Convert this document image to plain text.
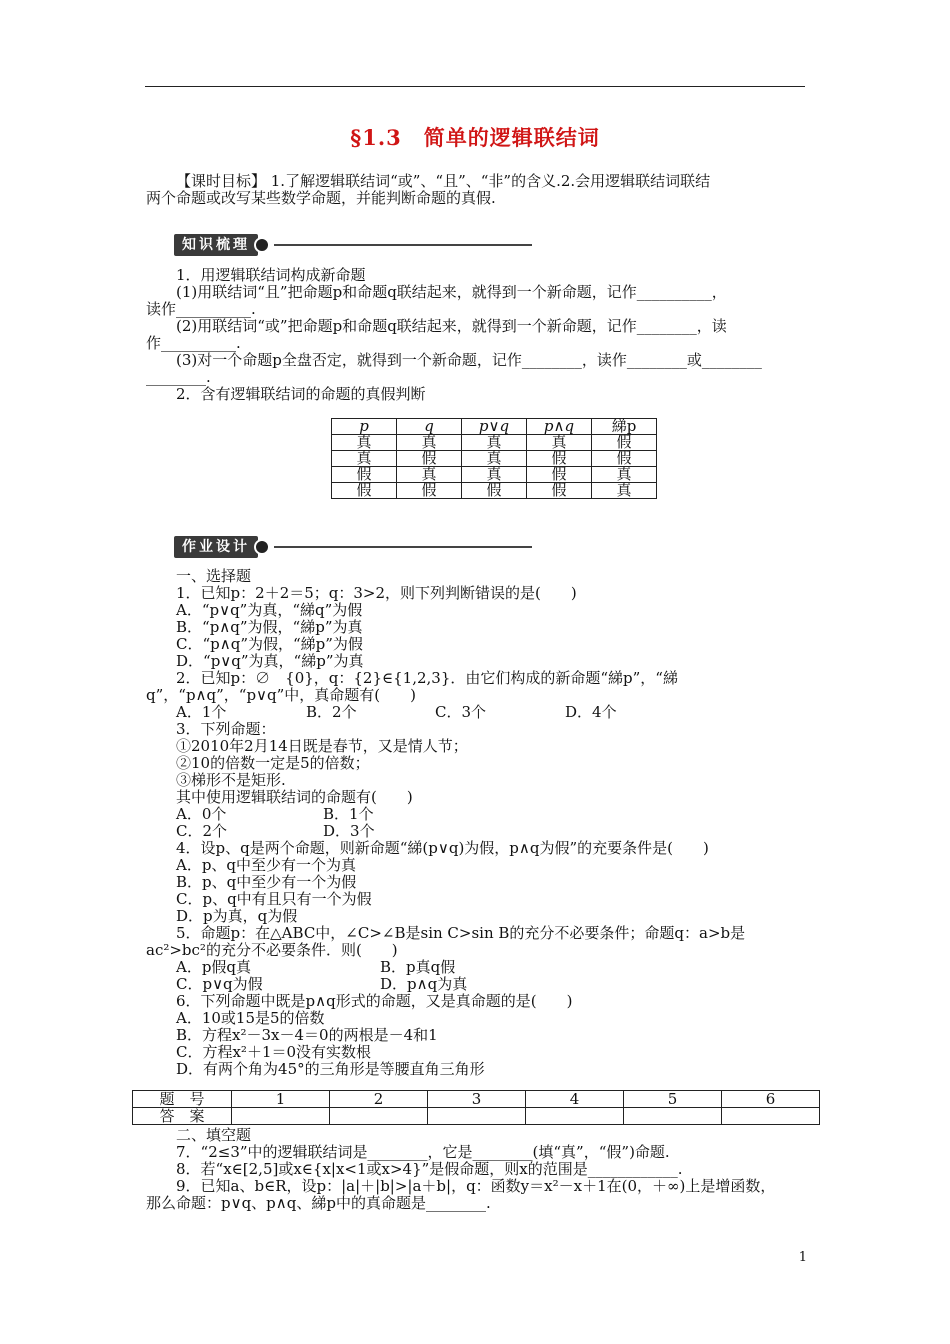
§1.3　简单的逻辑联结词
【课时目标】 1.了解逻辑联结词“或”、“且”、“非”的含义.2.会用逻辑联结词联结
两个命题或改写某些数学命题，并能判断命题的真假.
知识梳理
1．用逻辑联结词构成新命题
(1)用联结词“且”把命题p和命题q联结起来，就得到一个新命题，记作__________，
读作__________.
(2)用联结词“或”把命题p和命题q联结起来，就得到一个新命题，记作________，读
作__________.
(3)对一个命题p全盘否定，就得到一个新命题，记作________，读作________或________
________.
2．含有逻辑联结词的命题的真假判断
p	q	p∨q	p∧q	綈p
真	真	真	真	假
真	假	真	假	假
假	真	真	假	真
假	假	假	假	真
作业设计
一、选择题
1．已知p：2＋2＝5；q：3>2，则下列判断错误的是(　　)
A．“p∨q”为真，“綈q”为假
B．“p∧q”为假，“綈p”为真
C．“p∧q”为假，“綈p”为假
D．“p∨q”为真，“綈p”为真
2．已知p：∅　{0}，q：{2}∈{1,2,3}．由它们构成的新命题“綈p”，“綈
q”，“p∧q”，“p∨q”中，真命题有(　　)
A．1个	B．2个	C．3个	D．4个
3．下列命题：
①2010年2月14日既是春节，又是情人节；
②10的倍数一定是5的倍数；
③梯形不是矩形.
其中使用逻辑联结词的命题有(　　)
A．0个	B．1个
C．2个	D．3个
4．设p、q是两个命题，则新命题“綈(p∨q)为假，p∧q为假”的充要条件是(　　)
A．p、q中至少有一个为真
B．p、q中至少有一个为假
C．p、q中有且只有一个为假
D．p为真，q为假
5．命题p：在△ABC中，∠C>∠B是sin C>sin B的充分不必要条件；命题q：a>b是
ac²>bc²的充分不必要条件．则(　　)
A．p假q真	B．p真q假
C．p∨q为假	D．p∧q为真
6．下列命题中既是p∧q形式的命题，又是真命题的是(　　)
A．10或15是5的倍数
B．方程x²－3x－4＝0的两根是－4和1
C．方程x²＋1＝0没有实数根
D．有两个角为45°的三角形是等腰直角三角形
题　号	1	2	3	4	5	6
答　案						
二、填空题
7．“2≤3”中的逻辑联结词是________，它是________(填“真”，“假”)命题.
8．若“x∈[2,5]或x∈{x|x<1或x>4}”是假命题，则x的范围是____________.
9．已知a、b∈R，设p：|a|＋|b|>|a＋b|，q：函数y＝x²－x＋1在(0，＋∞)上是增函数，
那么命题：p∨q、p∧q、綈p中的真命题是________.
1
